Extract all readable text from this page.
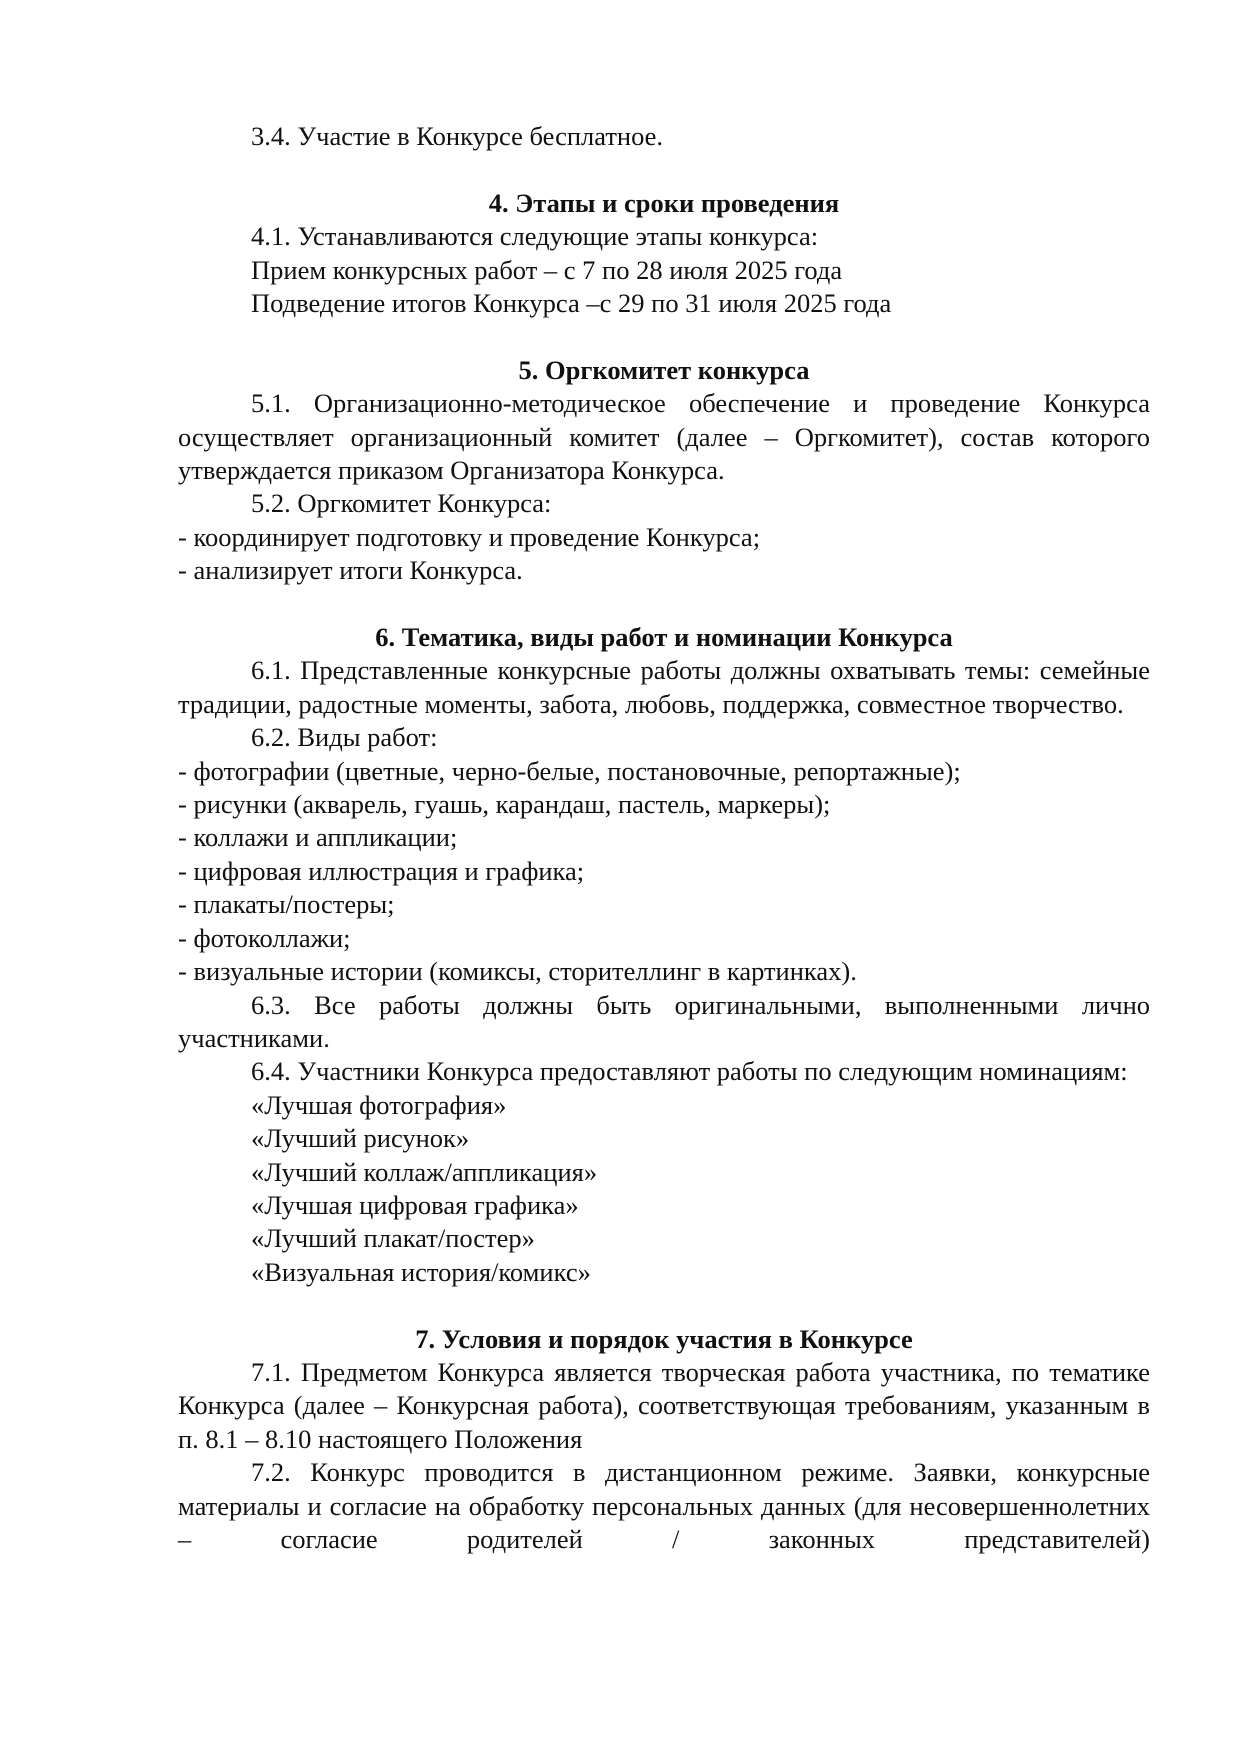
3.4. Участие в Конкурсе бесплатное.

4. Этапы и сроки проведения

4.1. Устанавливаются следующие этапы конкурса:

Прием конкурсных работ – с 7 по 28 июля 2025 года

Подведение итогов Конкурса –с 29 по 31 июля 2025 года

5. Оргкомитет конкурса

5.1. Организационно-методическое обеспечение и проведение Конкурса осуществляет организационный комитет (далее – Оргкомитет), состав которого утверждается приказом Организатора Конкурса.

5.2. Оргкомитет Конкурса:

- координирует подготовку и проведение Конкурса;

- анализирует итоги Конкурса.

6. Тематика, виды работ и номинации Конкурса

6.1. Представленные конкурсные работы должны охватывать темы: семейные традиции, радостные моменты, забота, любовь, поддержка, совместное творчество.

6.2. Виды работ:

- фотографии (цветные, черно-белые, постановочные, репортажные);

- рисунки (акварель, гуашь, карандаш, пастель, маркеры);

- коллажи и аппликации;

- цифровая иллюстрация и графика;

- плакаты/постеры;

- фотоколлажи;

- визуальные истории (комиксы, сторителлинг в картинках).

6.3. Все работы должны быть оригинальными, выполненными лично участниками.

6.4. Участники Конкурса предоставляют работы по следующим номинациям:

«Лучшая фотография»

«Лучший рисунок»

«Лучший коллаж/аппликация»

«Лучшая цифровая графика»

«Лучший плакат/постер»

«Визуальная история/комикс»

7. Условия и порядок участия в Конкурсе

7.1. Предметом Конкурса является творческая работа участника, по тематике Конкурса (далее – Конкурсная работа), соответствующая требованиям, указанным в п. 8.1 – 8.10 настоящего Положения

7.2. Конкурс проводится в дистанционном режиме. Заявки, конкурсные материалы и согласие на обработку персональных данных (для несовершеннолетних – согласие родителей / законных представителей)
